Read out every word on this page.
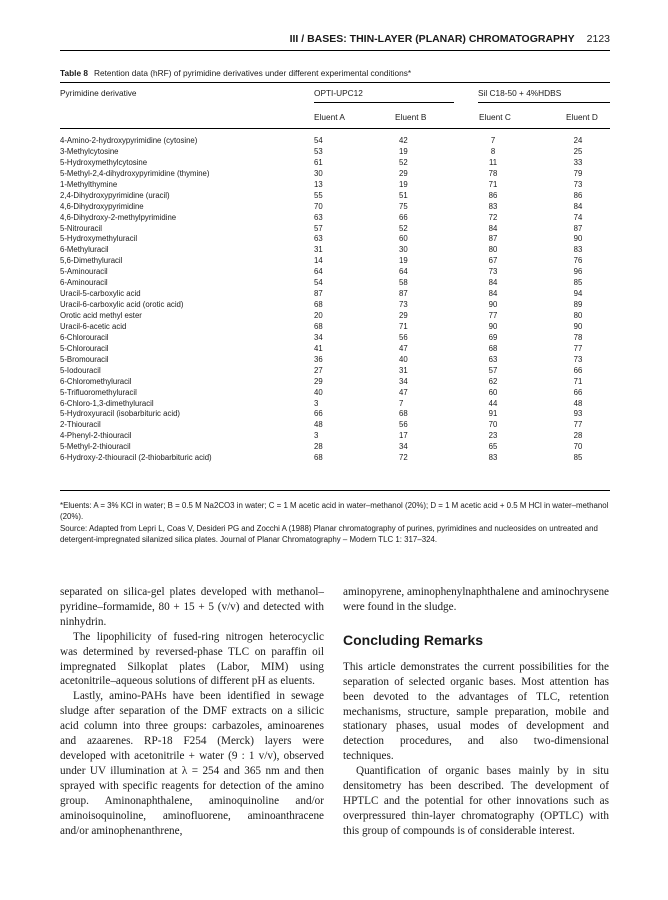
III / BASES: THIN-LAYER (PLANAR) CHROMATOGRAPHY 2123
Table 8 Retention data (hRF) of pyrimidine derivatives under different experimental conditions*
Pyrimidine derivative	OPTI-UPC12	Sil C18-50 + 4%HDBS
Eluent A	Eluent B	Eluent C	Eluent D
4-Amino-2-hydroxypyrimidine (cytosine)	54	42	7	24
3-Methylcytosine	53	19	8	25
5-Hydroxymethylcytosine	61	52	11	33
5-Methyl-2,4-dihydroxypyrimidine (thymine)	30	29	78	79
1-Methylthymine	13	19	71	73
2,4-Dihydroxypyrimidine (uracil)	55	51	86	86
4,6-Dihydroxypyrimidine	70	75	83	84
4,6-Dihydroxy-2-methylpyrimidine	63	66	72	74
5-Nitrouracil	57	52	84	87
5-Hydroxymethyluracil	63	60	87	90
6-Methyluracil	31	30	80	83
5,6-Dimethyluracil	14	19	67	76
5-Aminouracil	64	64	73	96
6-Aminouracil	54	58	84	85
Uracil-5-carboxylic acid	87	87	84	94
Uracil-6-carboxylic acid (orotic acid)	68	73	90	89
Orotic acid methyl ester	20	29	77	80
Uracil-6-acetic acid	68	71	90	90
6-Chlorouracil	34	56	69	78
5-Chlorouracil	41	47	68	77
5-Bromouracil	36	40	63	73
5-Iodouracil	27	31	57	66
6-Chloromethyluracil	29	34	62	71
5-Trifluoromethyluracil	40	47	60	66
6-Chloro-1,3-dimethyluracil	3	7	44	48
5-Hydroxyuracil (isobarbituric acid)	66	68	91	93
2-Thiouracil	48	56	70	77
4-Phenyl-2-thiouracil	3	17	23	28
5-Methyl-2-thiouracil	28	34	65	70
6-Hydroxy-2-thiouracil (2-thiobarbituric acid)	68	72	83	85

*Eluents: A = 3% KCl in water; B = 0.5 M Na2CO3 in water; C = 1 M acetic acid in water–methanol (20%); D = 1 M acetic acid + 0.5 M HCl in water–methanol (20%).

Source: Adapted from Lepri L, Coas V, Desideri PG and Zocchi A (1988) Planar chromatography of purines, pyrimidines and nucleosides on untreated and detergent-impregnated silanized silica plates. Journal of Planar Chromatography – Modern TLC 1: 317–324.

separated on silica-gel plates developed with methanol–pyridine–formamide, 80 + 15 + 5 (v/v) and detected with ninhydrin.

The lipophilicity of fused-ring nitrogen heterocyclic was determined by reversed-phase TLC on paraffin oil impregnated Silkoplat plates (Labor, MIM) using acetonitrile–aqueous solutions of different pH as eluents.

Lastly, amino-PAHs have been identified in sewage sludge after separation of the DMF extracts on a silicic acid column into three groups: carbazoles, aminoarenes and azaarenes. RP-18 F254 (Merck) layers were developed with acetonitrile + water (9 : 1 v/v), observed under UV illumination at λ = 254 and 365 nm and then sprayed with specific reagents for detection of the amino group. Aminonaphthalene, aminoquinoline and/or aminoisoquinoline, aminofluorene, aminoanthracene and/or aminophenanthrene,

aminopyrene, aminophenylnaphthalene and aminochrysene were found in the sludge.

Concluding Remarks

This article demonstrates the current possibilities for the separation of selected organic bases. Most attention has been devoted to the advantages of TLC, retention mechanisms, structure, sample preparation, mobile and stationary phases, usual modes of development and detection procedures, and also two-dimensional techniques.

Quantification of organic bases mainly by in situ densitometry has been described. The development of HPTLC and the potential for other innovations such as overpressured thin-layer chromatography (OPTLC) with this group of compounds is of considerable interest.
